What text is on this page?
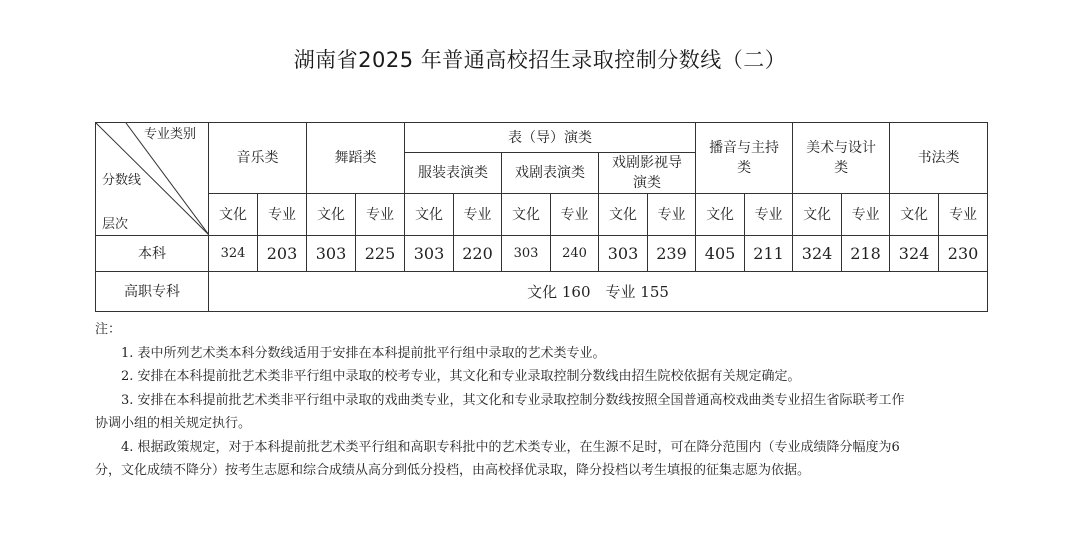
湖南省2025 年普通高校招生录取控制分数线（二）
专业类别
分数线
层次	音乐类		舞蹈类		表（导）演类						播音与主持类		美术与设计类		书法类	
					服装表演类		戏剧表演类		戏剧影视导演类							
	文化	专业	文化	专业	文化	专业	文化	专业	文化	专业	文化	专业	文化	专业	文化	专业
本科	324	203	303	225	303	220	303	240	303	239	405	211	324	218	324	230
高职专科	文化 160　专业 155															

注：

1. 表中所列艺术类本科分数线适用于安排在本科提前批平行组中录取的艺术类专业。

2. 安排在本科提前批艺术类非平行组中录取的校考专业，其文化和专业录取控制分数线由招生院校依据有关规定确定。

3. 安排在本科提前批艺术类非平行组中录取的戏曲类专业，其文化和专业录取控制分数线按照全国普通高校戏曲类专业招生省际联考工作

协调小组的相关规定执行。

4. 根据政策规定，对于本科提前批艺术类平行组和高职专科批中的艺术类专业，在生源不足时，可在降分范围内（专业成绩降分幅度为6

分，文化成绩不降分）按考生志愿和综合成绩从高分到低分投档，由高校择优录取，降分投档以考生填报的征集志愿为依据。
